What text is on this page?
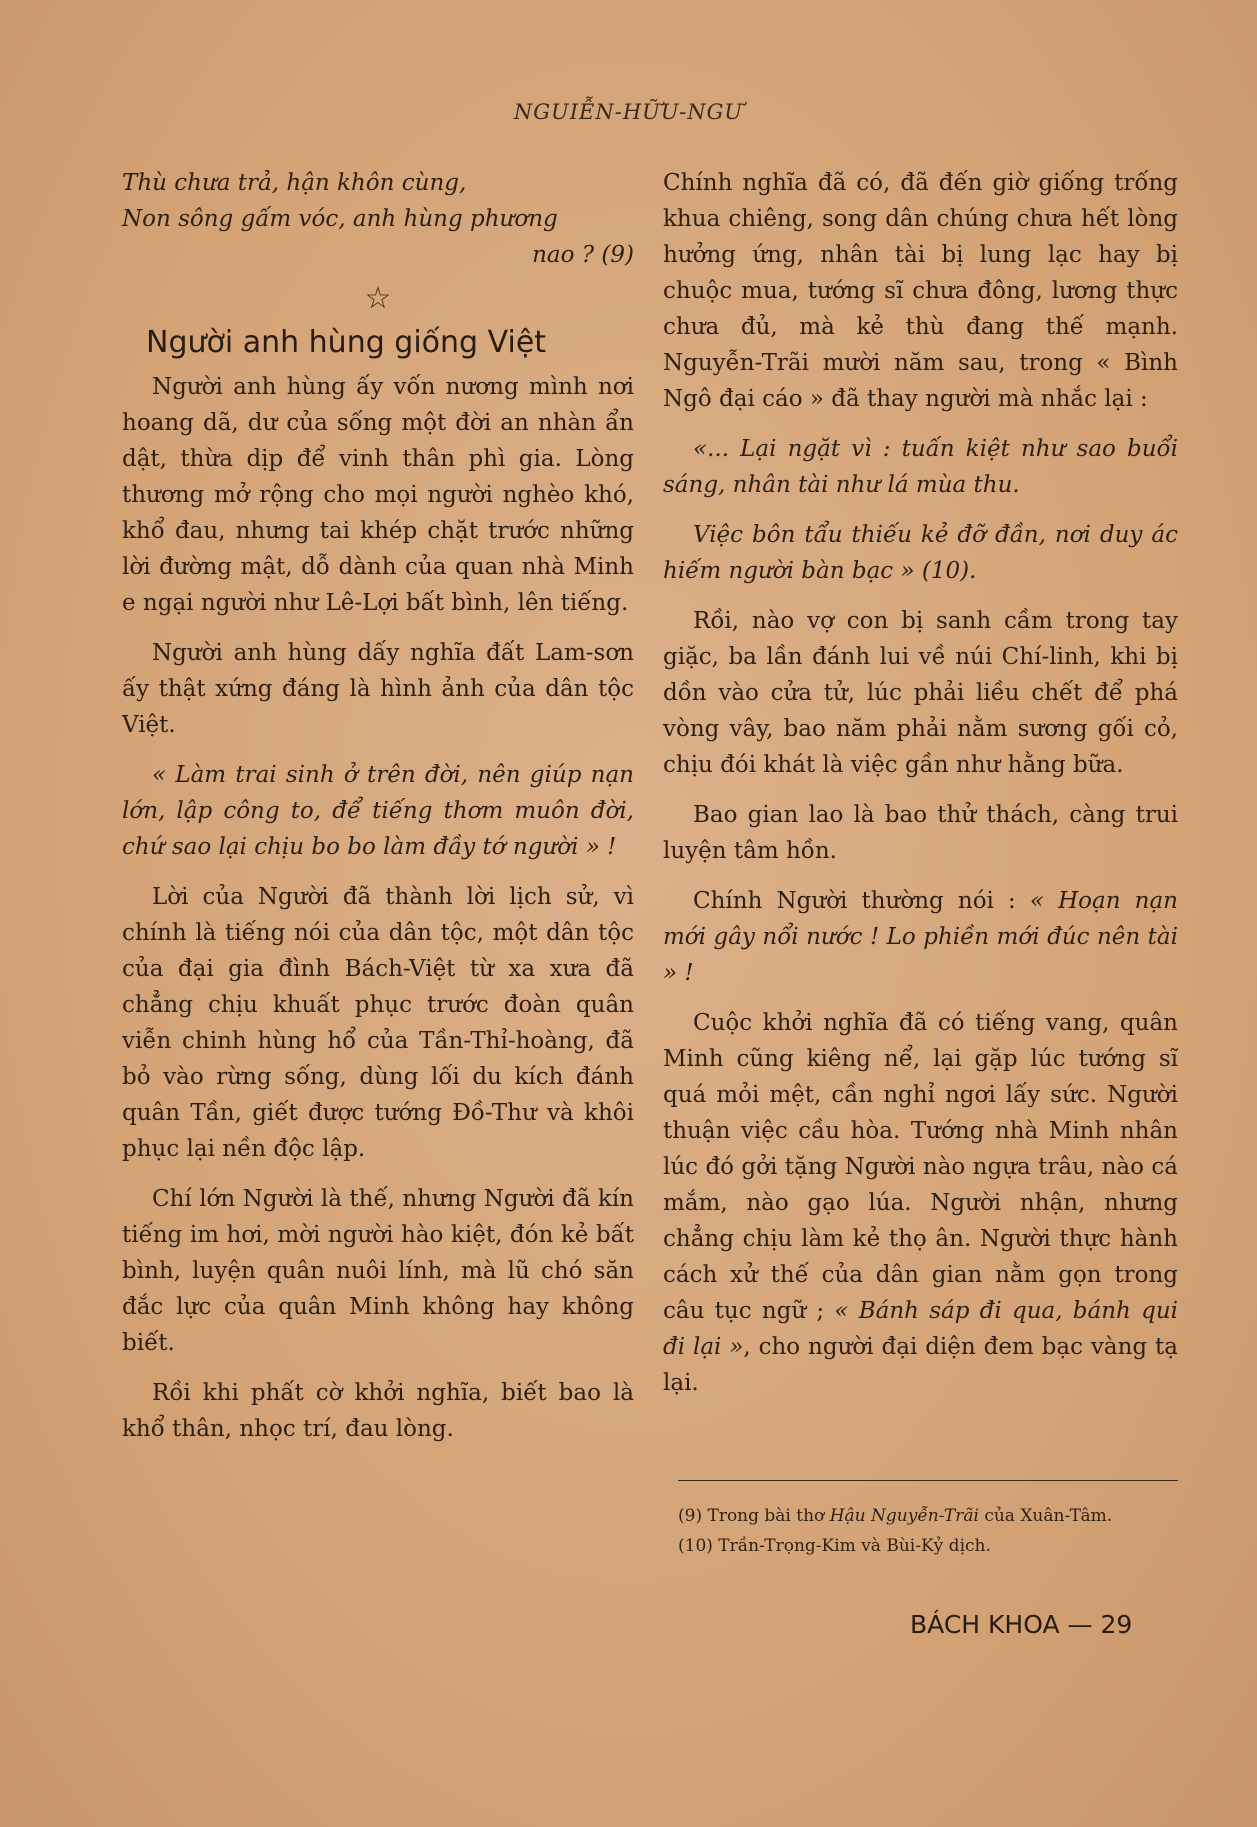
NGUIỄN-HỮU-NGƯ
Thù chưa trả, hận khôn cùng,
Non sông gấm vóc, anh hùng phương
nao ? (9)
☆
Người anh hùng giống Việt

Người anh hùng ấy vốn nương mình nơi hoang dã, dư của sống một đời an nhàn ẩn dật, thừa dịp để vinh thân phì gia. Lòng thương mở rộng cho mọi người nghèo khó, khổ đau, nhưng tai khép chặt trước những lời đường mật, dỗ dành của quan nhà Minh e ngại người như Lê-Lợi bất bình, lên tiếng.

Người anh hùng dấy nghĩa đất Lam-sơn ấy thật xứng đáng là hình ảnh của dân tộc Việt.

« Làm trai sinh ở trên đời, nên giúp nạn lớn, lập công to, để tiếng thơm muôn đời, chứ sao lại chịu bo bo làm đầy tớ người » !

Lời của Người đã thành lời lịch sử, vì chính là tiếng nói của dân tộc, một dân tộc của đại gia đình Bách-Việt từ xa xưa đã chẳng chịu khuất phục trước đoàn quân viễn chinh hùng hổ của Tần-Thỉ-hoàng, đã bỏ vào rừng sống, dùng lối du kích đánh quân Tần, giết được tướng Đồ-Thư và khôi phục lại nền độc lập.

Chí lớn Người là thế, nhưng Người đã kín tiếng im hơi, mời người hào kiệt, đón kẻ bất bình, luyện quân nuôi lính, mà lũ chó săn đắc lực của quân Minh không hay không biết.

Rồi khi phất cờ khởi nghĩa, biết bao là khổ thân, nhọc trí, đau lòng.

Chính nghĩa đã có, đã đến giờ giống trống khua chiêng, song dân chúng chưa hết lòng hưởng ứng, nhân tài bị lung lạc hay bị chuộc mua, tướng sĩ chưa đông, lương thực chưa đủ, mà kẻ thù đang thế mạnh. Nguyễn-Trãi mười năm sau, trong « Bình Ngô đại cáo » đã thay người mà nhắc lại :

«... Lại ngặt vì : tuấn kiệt như sao buổi sáng, nhân tài như lá mùa thu.

Việc bôn tẩu thiếu kẻ đỡ đần, nơi duy ác hiếm người bàn bạc » (10).

Rồi, nào vợ con bị sanh cầm trong tay giặc, ba lần đánh lui về núi Chí-linh, khi bị dồn vào cửa tử, lúc phải liều chết để phá vòng vây, bao năm phải nằm sương gối cỏ, chịu đói khát là việc gần như hằng bữa.

Bao gian lao là bao thử thách, càng trui luyện tâm hồn.

Chính Người thường nói : « Hoạn nạn mới gây nổi nước ! Lo phiền mới đúc nên tài » !

Cuộc khởi nghĩa đã có tiếng vang, quân Minh cũng kiêng nể, lại gặp lúc tướng sĩ quá mỏi mệt, cần nghỉ ngơi lấy sức. Người thuận việc cầu hòa. Tướng nhà Minh nhân lúc đó gởi tặng Người nào ngựa trâu, nào cá mắm, nào gạo lúa. Người nhận, nhưng chẳng chịu làm kẻ thọ ân. Người thực hành cách xử thế của dân gian nằm gọn trong câu tục ngữ ; « Bánh sáp đi qua, bánh qui đi lại », cho người đại diện đem bạc vàng tạ lại.

(9) Trong bài thơ Hậu Nguyễn-Trãi của Xuân-Tâm.
(10) Trần-Trọng-Kim và Bùi-Kỷ dịch.
BÁCH KHOA — 29
